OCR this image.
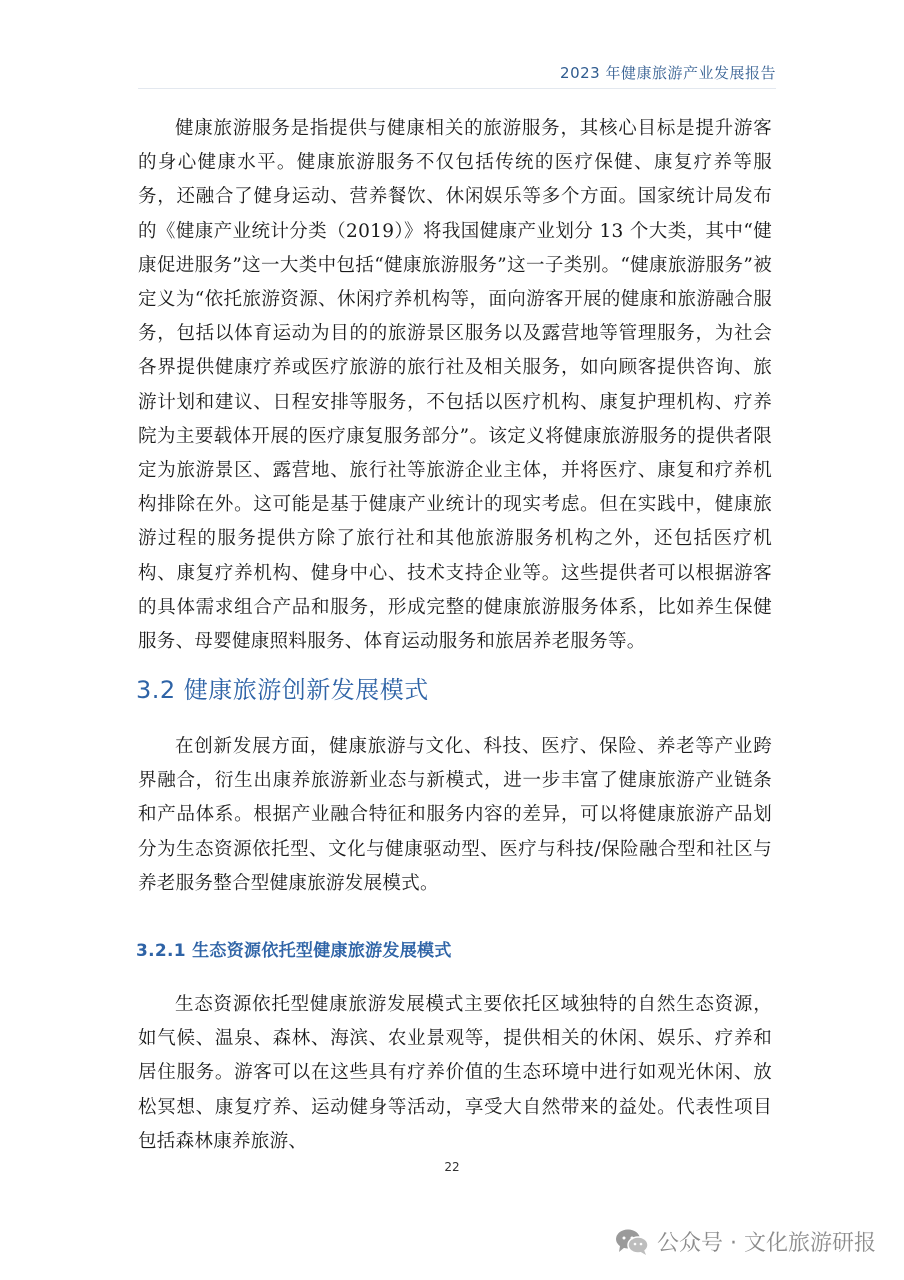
2023 年健康旅游产业发展报告

健康旅游服务是指提供与健康相关的旅游服务，其核心目标是提升游客的身心健康水平。健康旅游服务不仅包括传统的医疗保健、康复疗养等服务，还融合了健身运动、营养餐饮、休闲娱乐等多个方面。国家统计局发布的《健康产业统计分类（2019）》将我国健康产业划分 13 个大类，其中“健康促进服务”这一大类中包括“健康旅游服务”这一子类别。“健康旅游服务”被定义为“依托旅游资源、休闲疗养机构等，面向游客开展的健康和旅游融合服务，包括以体育运动为目的的旅游景区服务以及露营地等管理服务，为社会各界提供健康疗养或医疗旅游的旅行社及相关服务，如向顾客提供咨询、旅游计划和建议、日程安排等服务，不包括以医疗机构、康复护理机构、疗养院为主要载体开展的医疗康复服务部分”。该定义将健康旅游服务的提供者限定为旅游景区、露营地、旅行社等旅游企业主体，并将医疗、康复和疗养机构排除在外。这可能是基于健康产业统计的现实考虑。但在实践中，健康旅游过程的服务提供方除了旅行社和其他旅游服务机构之外，还包括医疗机构、康复疗养机构、健身中心、技术支持企业等。这些提供者可以根据游客的具体需求组合产品和服务，形成完整的健康旅游服务体系，比如养生保健服务、母婴健康照料服务、体育运动服务和旅居养老服务等。

3.2 健康旅游创新发展模式

在创新发展方面，健康旅游与文化、科技、医疗、保险、养老等产业跨界融合，衍生出康养旅游新业态与新模式，进一步丰富了健康旅游产业链条和产品体系。根据产业融合特征和服务内容的差异，可以将健康旅游产品划分为生态资源依托型、文化与健康驱动型、医疗与科技/保险融合型和社区与养老服务整合型健康旅游发展模式。

3.2.1 生态资源依托型健康旅游发展模式

生态资源依托型健康旅游发展模式主要依托区域独特的自然生态资源，如气候、温泉、森林、海滨、农业景观等，提供相关的休闲、娱乐、疗养和居住服务。游客可以在这些具有疗养价值的生态环境中进行如观光休闲、放松冥想、康复疗养、运动健身等活动，享受大自然带来的益处。代表性项目包括森林康养旅游、

22
公众号 · 文化旅游研报
